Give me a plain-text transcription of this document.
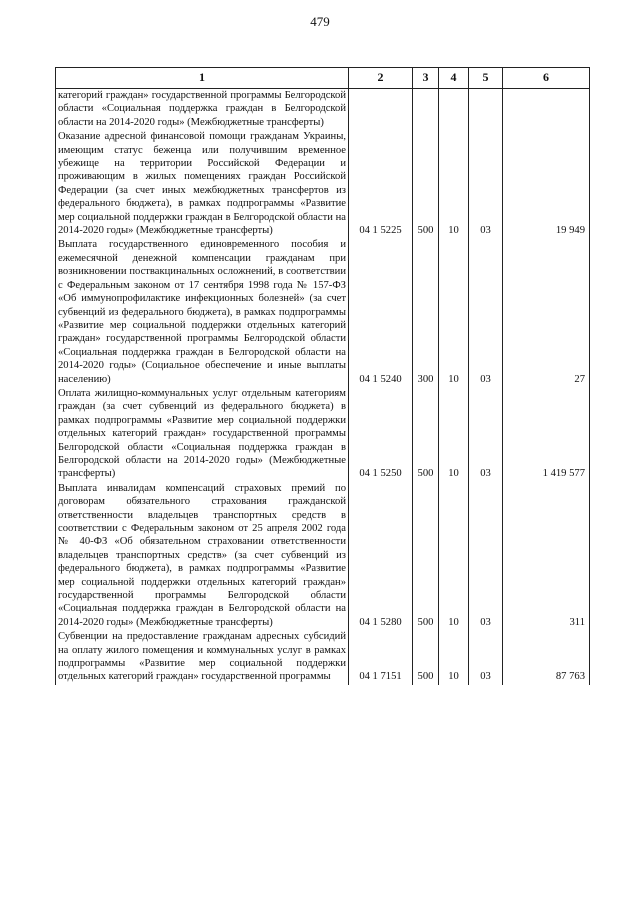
479
1	2	3	4	5	6
категорий граждан» государственной программы Белгородской области «Социальная поддержка граждан в Белгородской области на 2014-2020 годы» (Межбюджетные трансферты)					
Оказание адресной финансовой помощи гражданам Украины, имеющим статус беженца или получившим временное убежище на территории Российской Федерации и проживающим в жилых помещениях граждан Российской Федерации (за счет иных межбюджетных трансфертов из федерального бюджета), в рамках подпрограммы «Развитие мер социальной поддержки граждан в Белгородской области на 2014-2020 годы» (Межбюджетные трансферты)	04 1 5225	500	10	03	19 949
Выплата государственного единовременного пособия и ежемесячной денежной компенсации гражданам при возникновении поствакцинальных осложнений, в соответствии с Федеральным законом от 17 сентября 1998 года № 157-ФЗ «Об иммунопрофилактике инфекционных болезней» (за счет субвенций из федерального бюджета), в рамках подпрограммы «Развитие мер социальной поддержки отдельных категорий граждан» государственной программы Белгородской области «Социальная поддержка граждан в Белгородской области на 2014-2020 годы» (Социальное обеспечение и иные выплаты населению)	04 1 5240	300	10	03	27
Оплата жилищно-коммунальных услуг отдельным категориям граждан (за счет субвенций из федерального бюджета) в рамках подпрограммы «Развитие мер социальной поддержки отдельных категорий граждан» государственной программы Белгородской области «Социальная поддержка граждан в Белгородской области на 2014-2020 годы» (Межбюджетные трансферты)	04 1 5250	500	10	03	1 419 577
Выплата инвалидам компенсаций страховых премий по договорам обязательного страхования гражданской ответственности владельцев транспортных средств в соответствии с Федеральным законом от 25 апреля 2002 года № 40-ФЗ «Об обязательном страховании ответственности владельцев транспортных средств» (за счет субвенций из федерального бюджета), в рамках подпрограммы «Развитие мер социальной поддержки отдельных категорий граждан» государственной программы Белгородской области «Социальная поддержка граждан в Белгородской области на 2014-2020 годы» (Межбюджетные трансферты)	04 1 5280	500	10	03	311
Субвенции на предоставление гражданам адресных субсидий на оплату жилого помещения и коммунальных услуг в рамках подпрограммы «Развитие мер социальной поддержки отдельных категорий граждан» государственной программы	04 1 7151	500	10	03	87 763
